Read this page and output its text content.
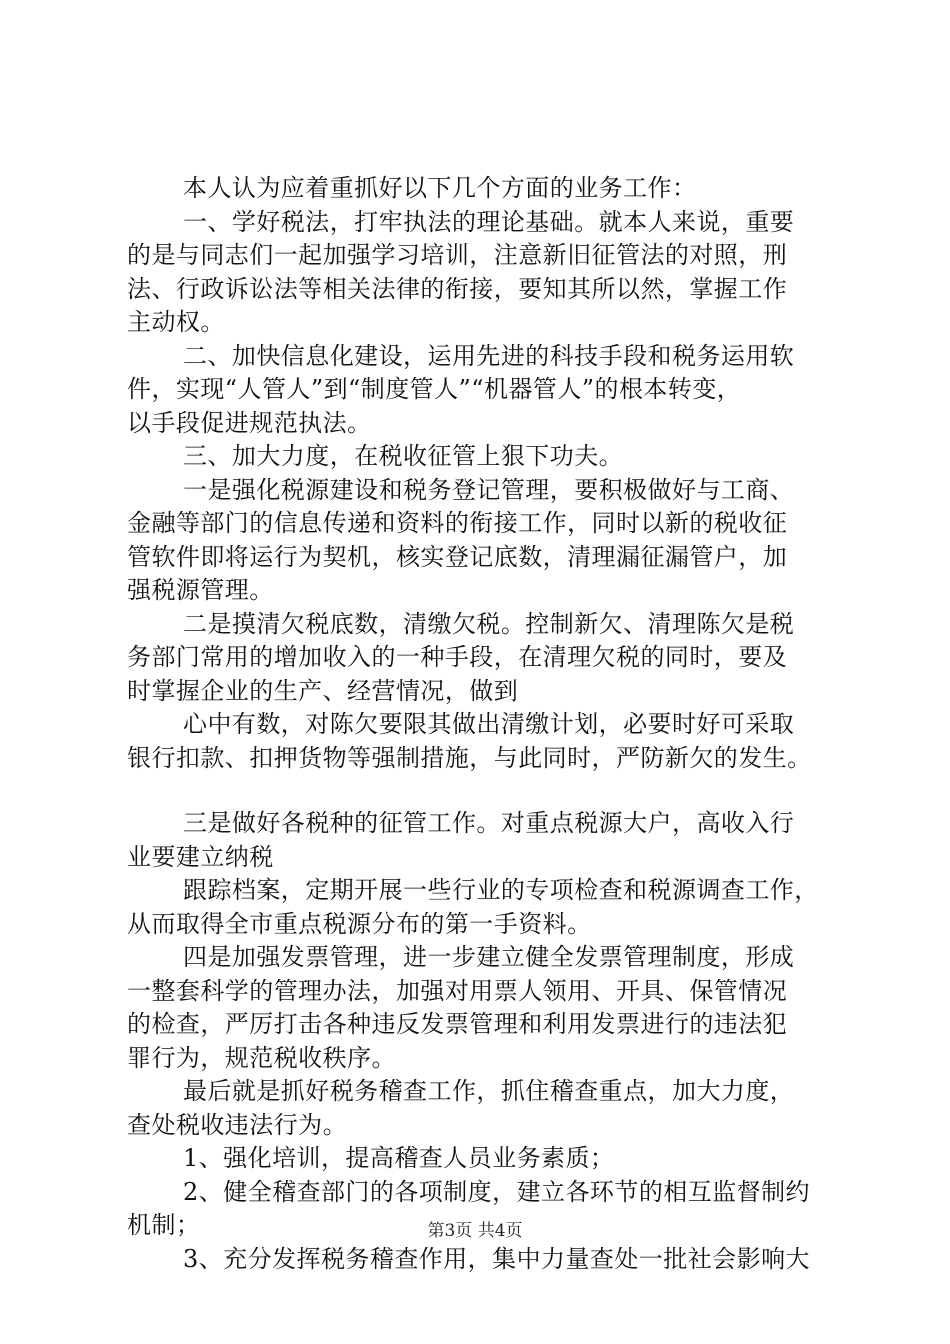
本人认为应着重抓好以下几个方面的业务工作：
一、学好税法，打牢执法的理论基础。就本人来说，重要
的是与同志们一起加强学习培训，注意新旧征管法的对照，刑
法、行政诉讼法等相关法律的衔接，要知其所以然，掌握工作
主动权。
二、加快信息化建设，运用先进的科技手段和税务运用软
件，实现“人管人”到“制度管人”“机器管人”的根本转变，
以手段促进规范执法。
三、加大力度，在税收征管上狠下功夫。
一是强化税源建设和税务登记管理，要积极做好与工商、
金融等部门的信息传递和资料的衔接工作，同时以新的税收征
管软件即将运行为契机，核实登记底数，清理漏征漏管户，加
强税源管理。
二是摸清欠税底数，清缴欠税。控制新欠、清理陈欠是税
务部门常用的增加收入的一种手段，在清理欠税的同时，要及
时掌握企业的生产、经营情况，做到
心中有数，对陈欠要限其做出清缴计划，必要时好可采取
银行扣款、扣押货物等强制措施，与此同时，严防新欠的发生。
三是做好各税种的征管工作。对重点税源大户，高收入行
业要建立纳税
跟踪档案，定期开展一些行业的专项检查和税源调查工作，
从而取得全市重点税源分布的第一手资料。
四是加强发票管理，进一步建立健全发票管理制度，形成
一整套科学的管理办法，加强对用票人领用、开具、保管情况
的检查，严厉打击各种违反发票管理和利用发票进行的违法犯
罪行为，规范税收秩序。
最后就是抓好税务稽查工作，抓住稽查重点，加大力度，
查处税收违法行为。
1、强化培训，提高稽查人员业务素质；
2、健全稽查部门的各项制度，建立各环节的相互监督制约
机制；
3、充分发挥税务稽查作用，集中力量查处一批社会影响大
第3页 共4页
